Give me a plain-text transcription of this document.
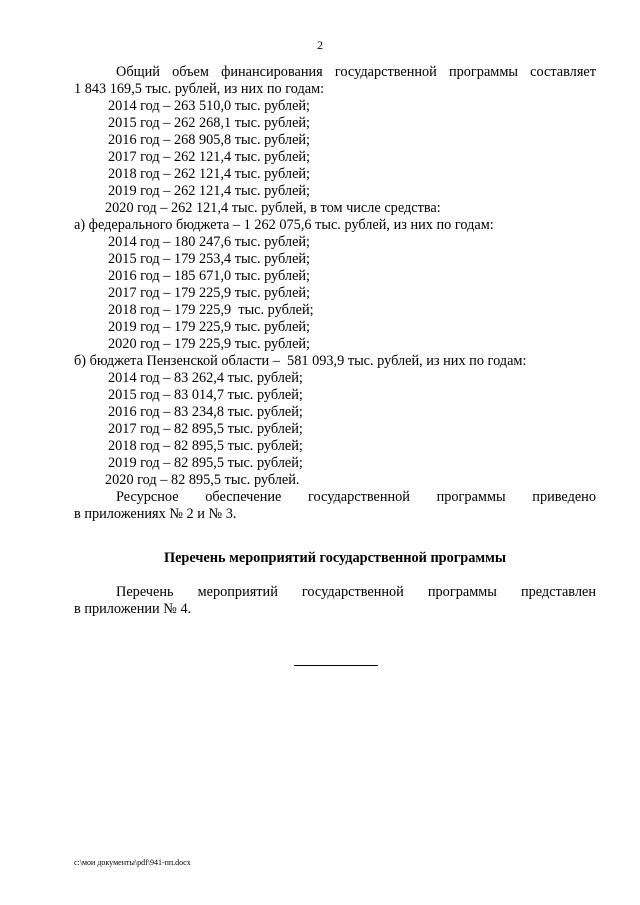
2
Общий объем финансирования государственной программы составляет
1 843 169,5 тыс. рублей, из них по годам:
2014 год – 263 510,0 тыс. рублей;
2015 год – 262 268,1 тыс. рублей;
2016 год – 268 905,8 тыс. рублей;
2017 год – 262 121,4 тыс. рублей;
2018 год – 262 121,4 тыс. рублей;
2019 год – 262 121,4 тыс. рублей;
2020 год – 262 121,4 тыс. рублей, в том числе средства:
а) федерального бюджета – 1 262 075,6 тыс. рублей, из них по годам:
2014 год – 180 247,6 тыс. рублей;
2015 год – 179 253,4 тыс. рублей;
2016 год – 185 671,0 тыс. рублей;
2017 год – 179 225,9 тыс. рублей;
2018 год – 179 225,9  тыс. рублей;
2019 год – 179 225,9 тыс. рублей;
2020 год – 179 225,9 тыс. рублей;
б) бюджета Пензенской области –  581 093,9 тыс. рублей, из них по годам:
2014 год – 83 262,4 тыс. рублей;
2015 год – 83 014,7 тыс. рублей;
2016 год – 83 234,8 тыс. рублей;
2017 год – 82 895,5 тыс. рублей;
2018 год – 82 895,5 тыс. рублей;
2019 год – 82 895,5 тыс. рублей;
2020 год – 82 895,5 тыс. рублей.
Ресурсное обеспечение государственной программы приведено
в приложениях № 2 и № 3.
Перечень мероприятий государственной программы
Перечень мероприятий государственной программы представлен
в приложении № 4.
c:\мои документы\pdf\941-пп.docx
